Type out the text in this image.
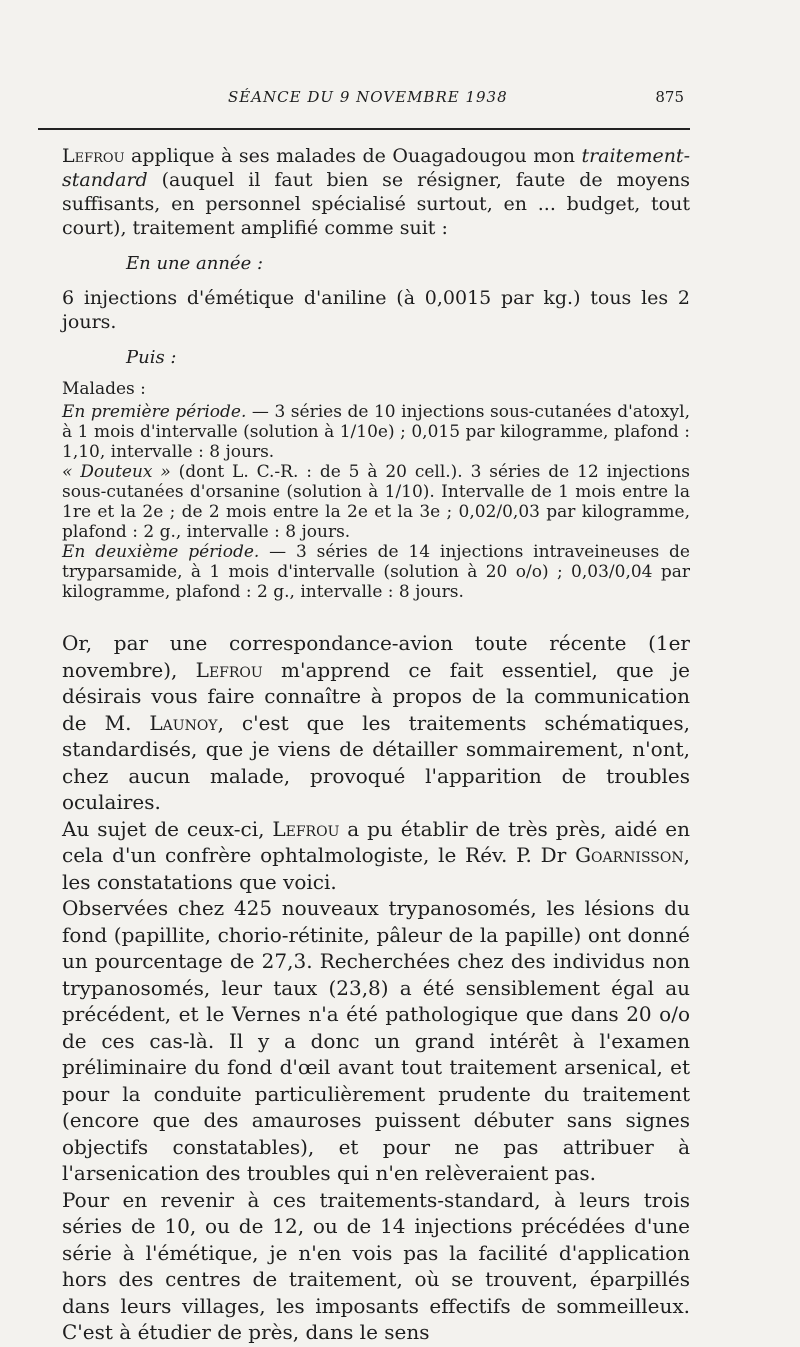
SÉANCE DU 9 NOVEMBRE 1938	875

Lefrou applique à ses malades de Ouagadougou mon traitement-standard (auquel il faut bien se résigner, faute de moyens suffisants, en personnel spécialisé surtout, en ... budget, tout court), traitement amplifié comme suit :

En une année :

6 injections d'émétique d'aniline (à 0,0015 par kg.) tous les 2 jours.

Puis :

Malades :

En première période. — 3 séries de 10 injections sous-cutanées d'atoxyl, à 1 mois d'intervalle (solution à 1/10e) ; 0,015 par kilogramme, plafond : 1,10, intervalle : 8 jours.

« Douteux » (dont L. C.-R. : de 5 à 20 cell.). 3 séries de 12 injections sous-cutanées d'orsanine (solution à 1/10). Intervalle de 1 mois entre la 1re et la 2e ; de 2 mois entre la 2e et la 3e ; 0,02/0,03 par kilogramme, plafond : 2 g., intervalle : 8 jours.

En deuxième période. — 3 séries de 14 injections intraveineuses de tryparsamide, à 1 mois d'intervalle (solution à 20 o/o) ; 0,03/0,04 par kilogramme, plafond : 2 g., intervalle : 8 jours.

Or, par une correspondance-avion toute récente (1er novembre), Lefrou m'apprend ce fait essentiel, que je désirais vous faire connaître à propos de la communication de M. Launoy, c'est que les traitements schématiques, standardisés, que je viens de détailler sommairement, n'ont, chez aucun malade, provoqué l'apparition de troubles oculaires.

Au sujet de ceux-ci, Lefrou a pu établir de très près, aidé en cela d'un confrère ophtalmologiste, le Rév. P. Dr Goarnisson, les constatations que voici.

Observées chez 425 nouveaux trypanosomés, les lésions du fond (papillite, chorio-rétinite, pâleur de la papille) ont donné un pourcentage de 27,3. Recherchées chez des individus non trypanosomés, leur taux (23,8) a été sensiblement égal au précédent, et le Vernes n'a été pathologique que dans 20 o/o de ces cas-là. Il y a donc un grand intérêt à l'examen préliminaire du fond d'œil avant tout traitement arsenical, et pour la conduite particulièrement prudente du traitement (encore que des amauroses puissent débuter sans signes objectifs constatables), et pour ne pas attribuer à l'arsenication des troubles qui n'en relèveraient pas.

Pour en revenir à ces traitements-standard, à leurs trois séries de 10, ou de 12, ou de 14 injections précédées d'une série à l'émétique, je n'en vois pas la facilité d'application hors des centres de traitement, où se trouvent, éparpillés dans leurs villages, les imposants effectifs de sommeilleux. C'est à étudier de près, dans le sens
